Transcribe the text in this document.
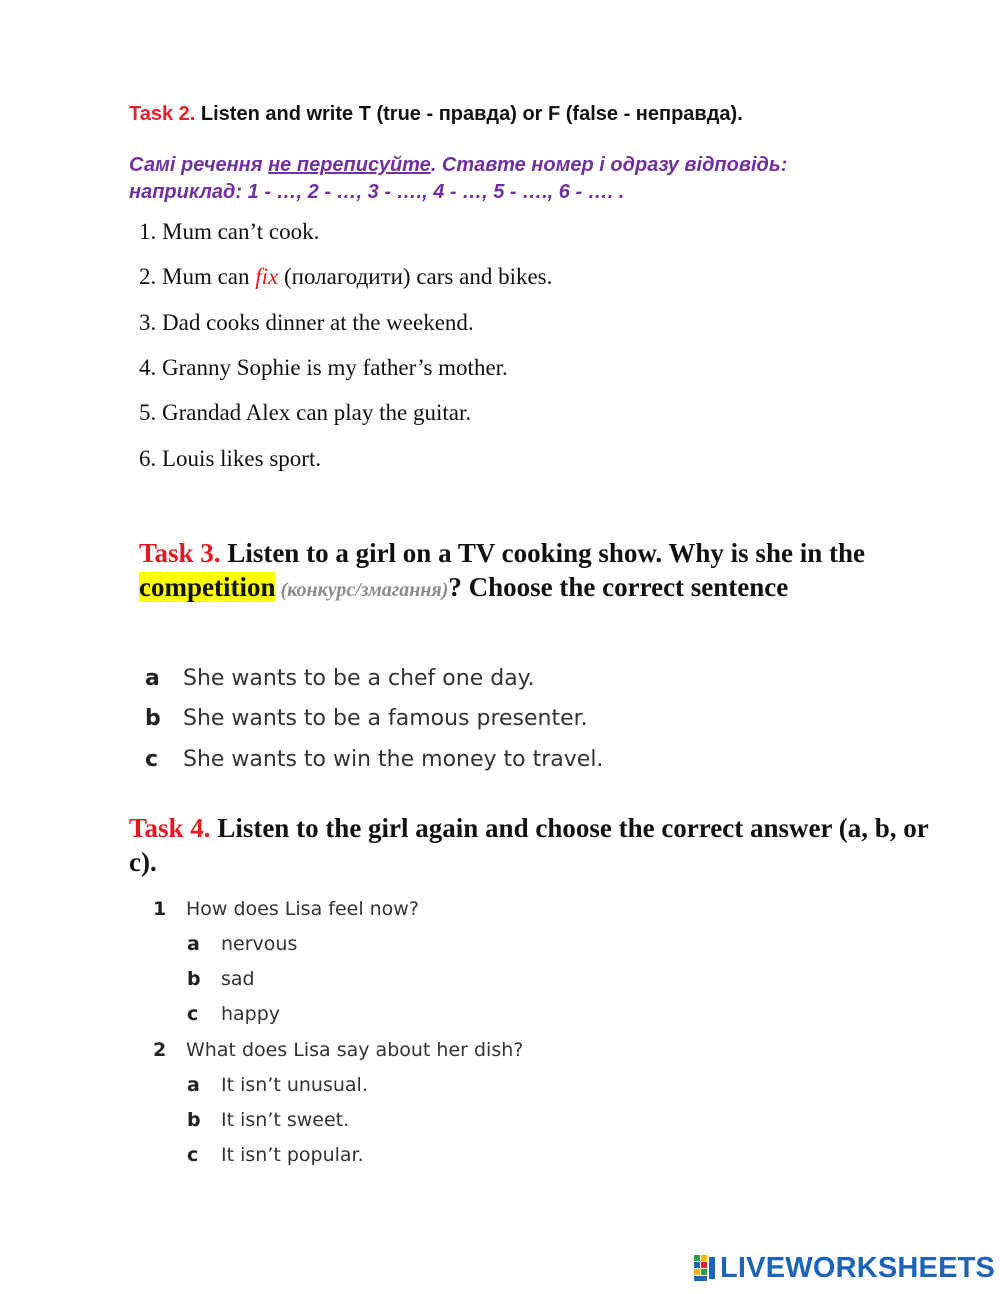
Task 2. Listen and write T (true - правда) or F (false - неправда).
Самі речення не переписуйте. Ставте номер і одразу відповідь:
наприклад: 1 - …, 2 - …, 3 - …., 4 - …, 5 - …., 6 - …. .
1. Mum can’t cook.
2. Mum can fix (полагодити) cars and bikes.
3. Dad cooks dinner at the weekend.
4. Granny Sophie is my father’s mother.
5. Grandad Alex can play the guitar.
6. Louis likes sport.
Task 3. Listen to a girl on a TV cooking show. Why is she in the competition (конкурс/змагання)? Choose the correct sentence
a She wants to be a chef one day.
b She wants to be a famous presenter.
c She wants to win the money to travel.
Task 4. Listen to the girl again and choose the correct answer (a, b, or c).
1 How does Lisa feel now?
a nervous
b sad
c happy
2 What does Lisa say about her dish?
a It isn’t unusual.
b It isn’t sweet.
c It isn’t popular.
LIVEWORKSHEETS
